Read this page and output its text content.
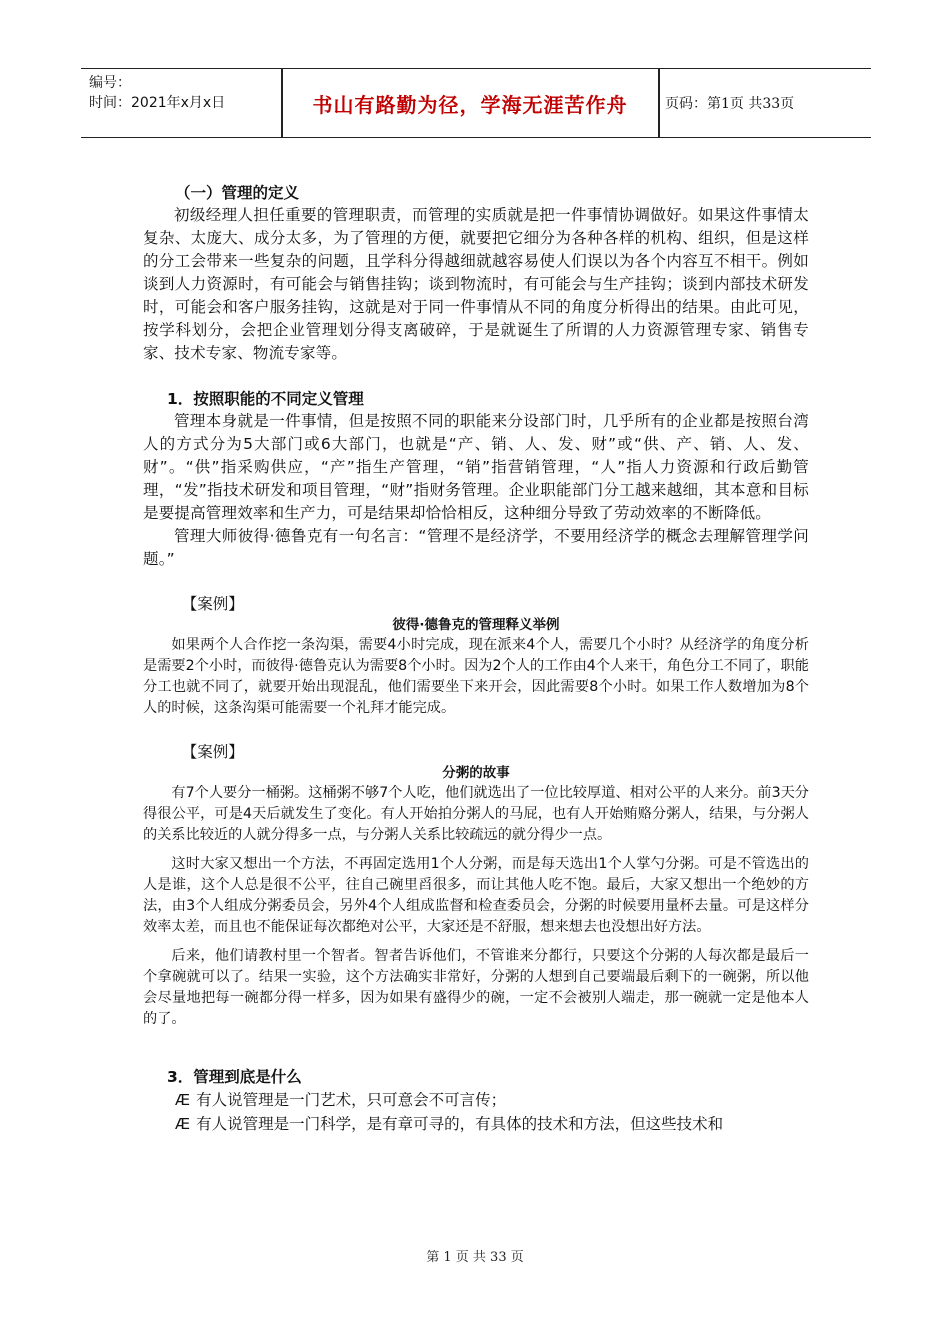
编号：
时间：2021年x月x日	书山有路勤为径，学海无涯苦作舟	页码：第1页 共33页

（一）管理的定义

初级经理人担任重要的管理职责，而管理的实质就是把一件事情协调做好。如果这件事情太复杂、太庞大、成分太多，为了管理的方便，就要把它细分为各种各样的机构、组织，但是这样的分工会带来一些复杂的问题，且学科分得越细就越容易使人们误以为各个内容互不相干。例如谈到人力资源时，有可能会与销售挂钩；谈到物流时，有可能会与生产挂钩；谈到内部技术研发时，可能会和客户服务挂钩，这就是对于同一件事情从不同的角度分析得出的结果。由此可见，按学科划分，会把企业管理划分得支离破碎，于是就诞生了所谓的人力资源管理专家、销售专家、技术专家、物流专家等。

1．按照职能的不同定义管理

管理本身就是一件事情，但是按照不同的职能来分设部门时，几乎所有的企业都是按照台湾人的方式分为5大部门或6大部门，也就是“产、销、人、发、财”或“供、产、销、人、发、财”。“供”指采购供应，“产”指生产管理，“销”指营销管理，“人”指人力资源和行政后勤管理，“发”指技术研发和项目管理，“财”指财务管理。企业职能部门分工越来越细，其本意和目标是要提高管理效率和生产力，可是结果却恰恰相反，这种细分导致了劳动效率的不断降低。

管理大师彼得·德鲁克有一句名言：“管理不是经济学，不要用经济学的概念去理解管理学问题。”

【案例】

彼得·德鲁克的管理释义举例

如果两个人合作挖一条沟渠，需要4小时完成，现在派来4个人，需要几个小时？从经济学的角度分析是需要2个小时，而彼得·德鲁克认为需要8个小时。因为2个人的工作由4个人来干，角色分工不同了，职能分工也就不同了，就要开始出现混乱，他们需要坐下来开会，因此需要8个小时。如果工作人数增加为8个人的时候，这条沟渠可能需要一个礼拜才能完成。

【案例】

分粥的故事

有7个人要分一桶粥。这桶粥不够7个人吃，他们就选出了一位比较厚道、相对公平的人来分。前3天分得很公平，可是4天后就发生了变化。有人开始拍分粥人的马屁，也有人开始贿赂分粥人，结果，与分粥人的关系比较近的人就分得多一点，与分粥人关系比较疏远的就分得少一点。

这时大家又想出一个方法，不再固定选用1个人分粥，而是每天选出1个人掌勺分粥。可是不管选出的人是谁，这个人总是很不公平，往自己碗里舀很多，而让其他人吃不饱。最后，大家又想出一个绝妙的方法，由3个人组成分粥委员会，另外4个人组成监督和检查委员会，分粥的时候要用量杯去量。可是这样分效率太差，而且也不能保证每次都绝对公平，大家还是不舒服，想来想去也没想出好方法。

后来，他们请教村里一个智者。智者告诉他们，不管谁来分都行，只要这个分粥的人每次都是最后一个拿碗就可以了。结果一实验，这个方法确实非常好，分粥的人想到自己要端最后剩下的一碗粥，所以他会尽量地把每一碗都分得一样多，因为如果有盛得少的碗，一定不会被别人端走，那一碗就一定是他本人的了。

3．管理到底是什么

Æ 有人说管理是一门艺术，只可意会不可言传；

Æ 有人说管理是一门科学，是有章可寻的，有具体的技术和方法，但这些技术和

第 1 页 共 33 页
